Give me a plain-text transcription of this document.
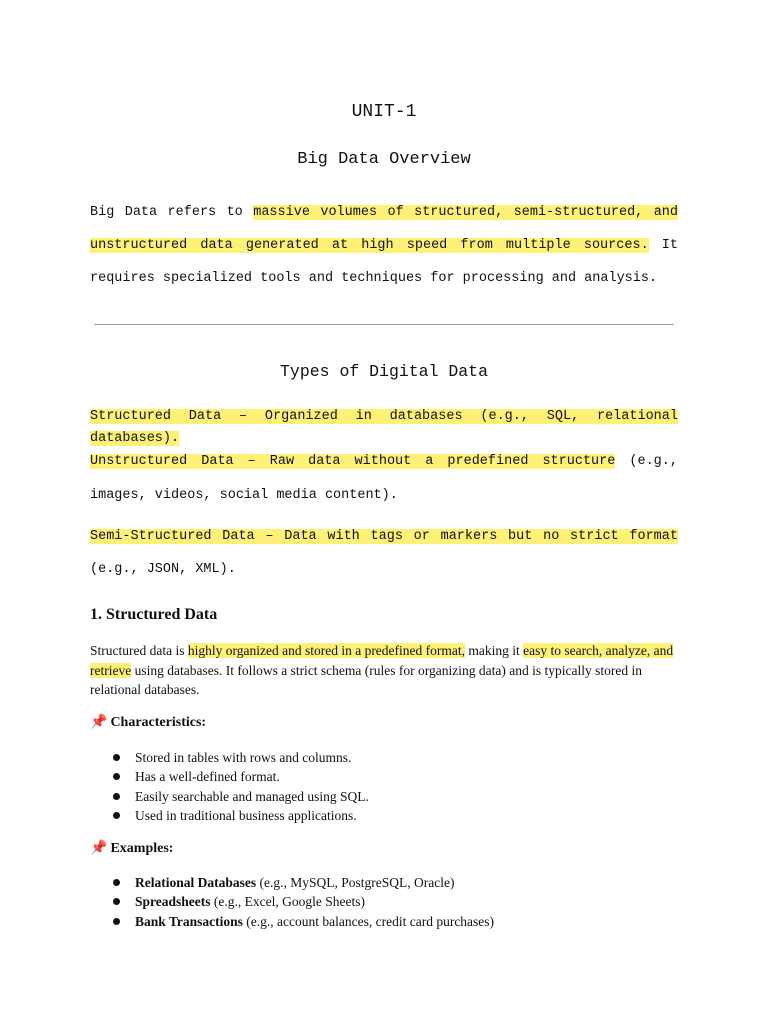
UNIT-1
Big Data Overview

Big Data refers to massive volumes of structured, semi-structured, and unstructured data generated at high speed from multiple sources. It requires specialized tools and techniques for processing and analysis.

Types of Digital Data

Structured Data – Organized in databases (e.g., SQL, relational databases).

Unstructured Data – Raw data without a predefined structure (e.g., images, videos, social media content).

Semi-Structured Data – Data with tags or markers but no strict format (e.g., JSON, XML).

1. Structured Data

Structured data is highly organized and stored in a predefined format, making it easy to search, analyze, and retrieve using databases. It follows a strict schema (rules for organizing data) and is typically stored in relational databases.

📌 Characteristics:
Stored in tables with rows and columns.
Has a well-defined format.
Easily searchable and managed using SQL.
Used in traditional business applications.
📌 Examples:
Relational Databases (e.g., MySQL, PostgreSQL, Oracle)
Spreadsheets (e.g., Excel, Google Sheets)
Bank Transactions (e.g., account balances, credit card purchases)
